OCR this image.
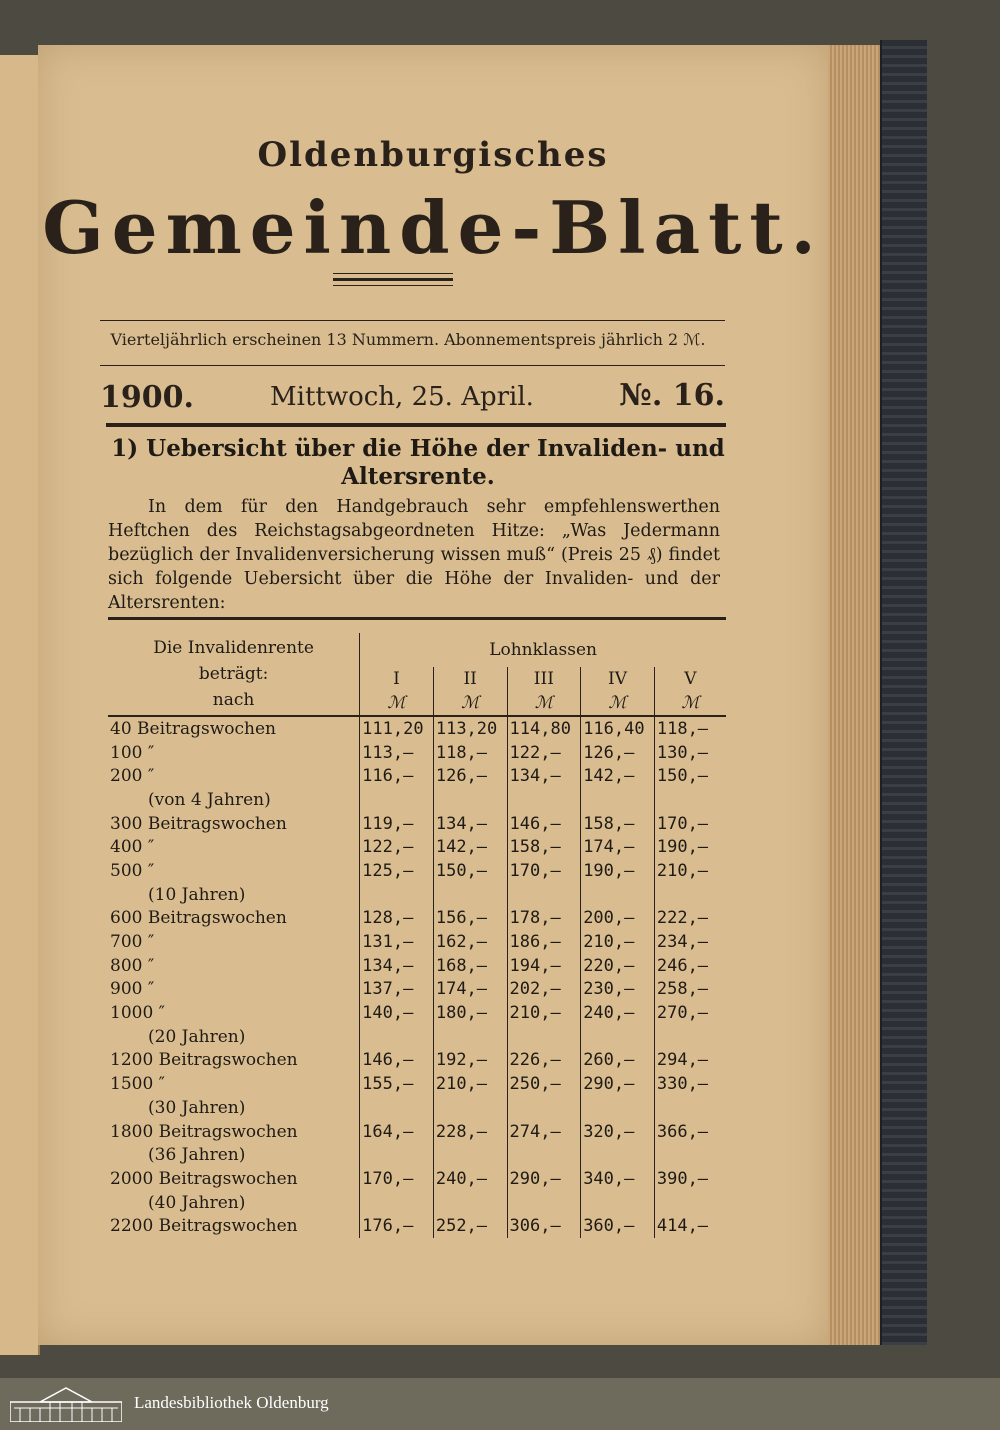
Oldenburgisches
Gemeinde-Blatt.
Vierteljährlich erscheinen 13 Nummern. Abonnementspreis jährlich 2 ℳ.
1900.	Mittwoch, 25. April.	№. 16.
1) Uebersicht über die Höhe der Invaliden- und Altersrente.
In dem für den Handgebrauch sehr empfehlenswerthen Heftchen des Reichstagsabgeordneten Hitze: „Was Jedermann bezüglich der Invalidenversicherung wissen muß“ (Preis 25 ₰) findet sich folgende Uebersicht über die Höhe der Invaliden- und der Altersrenten:
Die Invalidenrente
beträgt:
nach	Lohnklassen				
	I	II	III	IV	V
	ℳ	ℳ	ℳ	ℳ	ℳ
40 Beitragswochen	111,20	113,20	114,80	116,40	118,—
100 ″	113,—	118,—	122,—	126,—	130,—
200 ″	116,—	126,—	134,—	142,—	150,—
(von 4 Jahren)					
300 Beitragswochen	119,—	134,—	146,—	158,—	170,—
400 ″	122,—	142,—	158,—	174,—	190,—
500 ″	125,—	150,—	170,—	190,—	210,—
(10 Jahren)					
600 Beitragswochen	128,—	156,—	178,—	200,—	222,—
700 ″	131,—	162,—	186,—	210,—	234,—
800 ″	134,—	168,—	194,—	220,—	246,—
900 ″	137,—	174,—	202,—	230,—	258,—
1000 ″	140,—	180,—	210,—	240,—	270,—
(20 Jahren)					
1200 Beitragswochen	146,—	192,—	226,—	260,—	294,—
1500 ″	155,—	210,—	250,—	290,—	330,—
(30 Jahren)					
1800 Beitragswochen	164,—	228,—	274,—	320,—	366,—
(36 Jahren)					
2000 Beitragswochen	170,—	240,—	290,—	340,—	390,—
(40 Jahren)					
2200 Beitragswochen	176,—	252,—	306,—	360,—	414,—
Landesbibliothek Oldenburg
